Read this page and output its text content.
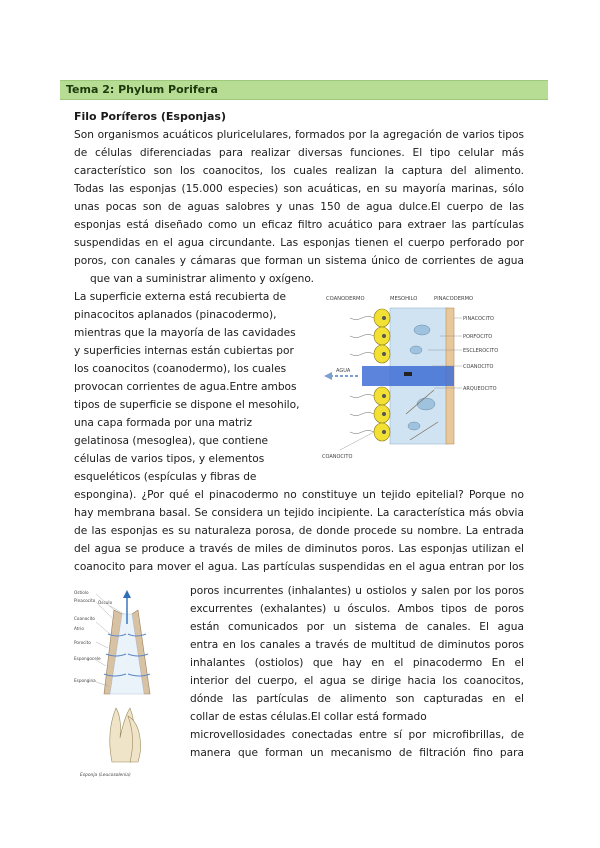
Tema 2: Phylum Porifera
Filo Poríferos (Esponjas)
Son organismos acuáticos pluricelulares, formados por la agregación de varios tipos
de células diferenciadas para realizar diversas funciones. El tipo celular más
característico son los coanocitos, los cuales realizan la captura del alimento.
Todas las esponjas (15.000 especies) son acuáticas, en su mayoría marinas, sólo
unas pocas son de aguas salobres y unas 150 de agua dulce.El cuerpo de las
esponjas está diseñado como un eficaz filtro acuático para extraer las partículas
suspendidas en el agua circundante. Las esponjas tienen el cuerpo perforado por
poros, con canales y cámaras que forman un sistema único de corrientes de agua
que van a suministrar alimento y oxígeno.
La superficie externa está recubierta de
pinacocitos aplanados (pinacodermo),
mientras que la mayoría de las cavidades
y superficies internas están cubiertas por
los coanocitos (coanodermo), los cuales
provocan corrientes de agua.Entre ambos
tipos de superficie se dispone el mesohilo,
una capa formada por una matriz
gelatinosa (mesoglea), que contiene
células de varios tipos, y elementos
esqueléticos (espículas y fibras de
espongina). ¿Por qué el pinacodermo no constituye un tejido epitelial? Porque no
hay membrana basal. Se considera un tejido incipiente. La característica más obvia
de las esponjas es su naturaleza porosa, de donde procede su nombre. La entrada
del agua se produce a través de miles de diminutos poros. Las esponjas utilizan el
coanocito para mover el agua. Las partículas suspendidas en el agua entran por los
poros incurrentes (inhalantes) u ostiolos y salen por los poros
excurrentes (exhalantes) u ósculos. Ambos tipos de poros
están comunicados por un sistema de canales. El agua
entra en los canales a través de multitud de diminutos poros
inhalantes (ostiolos) que hay en el pinacodermo En el
interior del cuerpo, el agua se dirige hacia los coanocitos,
dónde las partículas de alimento son capturadas en el
collar de estas células.El collar está formado
microvellosidades conectadas entre sí por microfibrillas, de
manera que forman un mecanismo de filtración fino para
COANODERMO	MESOHILO	PINACODERMO
AGUA
PINACOCITO
PORFOCITO
ESCLEROCITO
COANOCITO
ARQUEOCITO
COANOCITO
Ostíolo
Pinacocito Ósculo
Coanocito
Atrio
Porocito
Espongocele
Espongina
Esponja (Leucosolenia)
